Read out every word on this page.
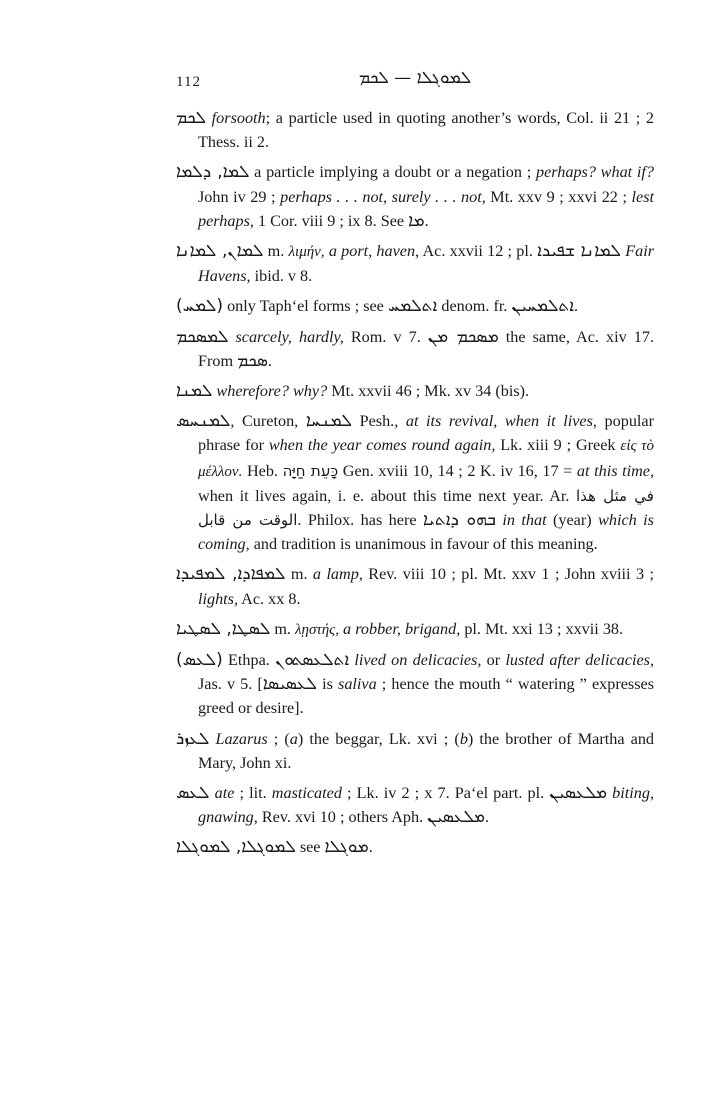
112	ܠܡܘܓܠܐ — ܠܟܡ

ܠܟܡ forsooth; a particle used in quoting another’s words, Col. ii 21 ; 2 Thess. ii 2.

ܠܡܐ, ܕܠܡܐ a particle implying a doubt or a negation ; perhaps? what if? John iv 29 ; perhaps . . . not, surely . . . not, Mt. xxv 9 ; xxvi 22 ; lest perhaps, 1 Cor. viii 9 ; ix 8. See ܡܐ.

ܠܡܐܢ, ܠܡܐܢܐ m. λιμήν, a port, haven, Ac. xxvii 12 ; pl. ܠܡܐܢܐ ܫܦܝܖܐ Fair Havens, ibid. v 8.

(ܠܡܚ) only Taph‘el forms ; see ܐܬܠܡܚ denom. fr. ܐܬܠܡܚܝܢ.

ܠܡܣܟܡ scarcely, hardly, Rom. v 7. ܡܣܟܡ ܡܢ the same, Ac. xiv 17. From ܣܟܡ.

ܠܡܢܐ wherefore? why? Mt. xxvii 46 ; Mk. xv 34 (bis).

ܠܡܢܚܣ, Cureton, ܠܡܢܚܐ Pesh., at its revival, when it lives, popular phrase for when the year comes round again, Lk. xiii 9 ; Greek εἰς τὸ μέλλον. Heb. כָּעֵת חַיָּה Gen. xviii 10, 14 ; 2 K. iv 16, 17 = at this time, when it lives again, i. e. about this time next year. Ar. في مثل هذا الوقت من قابل. Philox. has here ܒܗܘ ܕܐܬܝܐ in that (year) which is coming, and tradition is unanimous in favour of this meaning.

ܠܡܦܐܕܐ, ܠܡܦܝܕܐ m. a lamp, Rev. viii 10 ; pl. Mt. xxv 1 ; John xviii 3 ; lights, Ac. xx 8.

ܠܣܛܐ, ܠܣܛܝܐ m. λῃστής, a robber, brigand, pl. Mt. xxi 13 ; xxvii 38.

(ܠܥܣ) Ethpa. ܐܬܠܥܣܬܘܢ lived on delicacies, or lusted after delicacies, Jas. v 5. [ܠܥܣܝܣܐ is saliva ; hence the mouth “ watering ” expresses greed or desire].

ܠܥܙܪ Lazarus ; (a) the beggar, Lk. xvi ; (b) the brother of Martha and Mary, John xi.

ܠܥܣ ate ; lit. masticated ; Lk. iv 2 ; x 7. Pa‘el part. pl. ܡܠܥܣܝܢ biting, gnawing, Rev. xvi 10 ; others Aph. ܡܠܥܣܝܢ.

ܠܡܘܓܠܐ, ܠܡܘܓܠܐ see ܡܘܓܠܐ.
